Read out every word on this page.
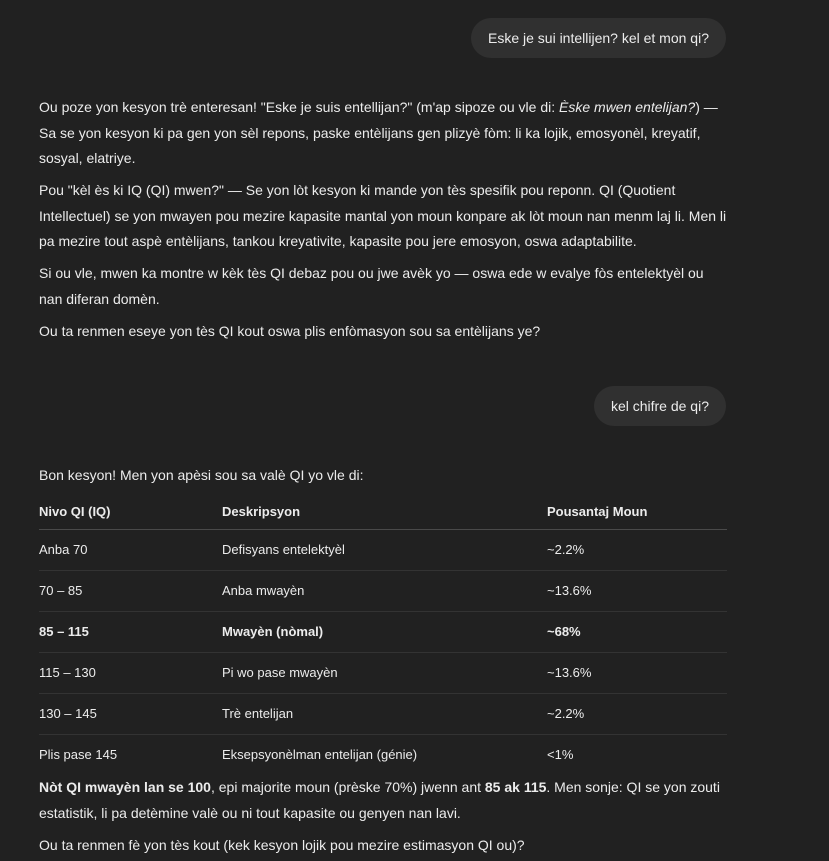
Eske je sui intellijen? kel et mon qi?

Ou poze yon kesyon trè enteresan! "Eske je suis entellijan?" (m'ap sipoze ou vle di: Èske mwen entelijan?) — Sa se yon kesyon ki pa gen yon sèl repons, paske entèlijans gen plizyè fòm: li ka lojik, emosyonèl, kreyatif, sosyal, elatriye.

Pou "kèl ès ki IQ (QI) mwen?" — Se yon lòt kesyon ki mande yon tès spesifik pou reponn. QI (Quotient Intellectuel) se yon mwayen pou mezire kapasite mantal yon moun konpare ak lòt moun nan menm laj li. Men li pa mezire tout aspè entèlijans, tankou kreyativite, kapasite pou jere emosyon, oswa adaptabilite.

Si ou vle, mwen ka montre w kèk tès QI debaz pou ou jwe avèk yo — oswa ede w evalye fòs entelektyèl ou nan diferan domèn.

Ou ta renmen eseye yon tès QI kout oswa plis enfòmasyon sou sa entèlijans ye?

kel chifre de qi?

Bon kesyon! Men yon apèsi sou sa valè QI yo vle di:

Nivo QI (IQ)	Deskripsyon	Pousantaj Moun
Anba 70	Defisyans entelektyèl	~2.2%
70 – 85	Anba mwayèn	~13.6%
85 – 115	Mwayèn (nòmal)	~68%
115 – 130	Pi wo pase mwayèn	~13.6%
130 – 145	Trè entelijan	~2.2%
Plis pase 145	Eksepsyonèlman entelijan (génie)	<1%

Nòt QI mwayèn lan se 100, epi majorite moun (prèske 70%) jwenn ant 85 ak 115. Men sonje: QI se yon zouti estatistik, li pa detèmine valè ou ni tout kapasite ou genyen nan lavi.

Ou ta renmen fè yon tès kout (kek kesyon lojik pou mezire estimasyon QI ou)?
